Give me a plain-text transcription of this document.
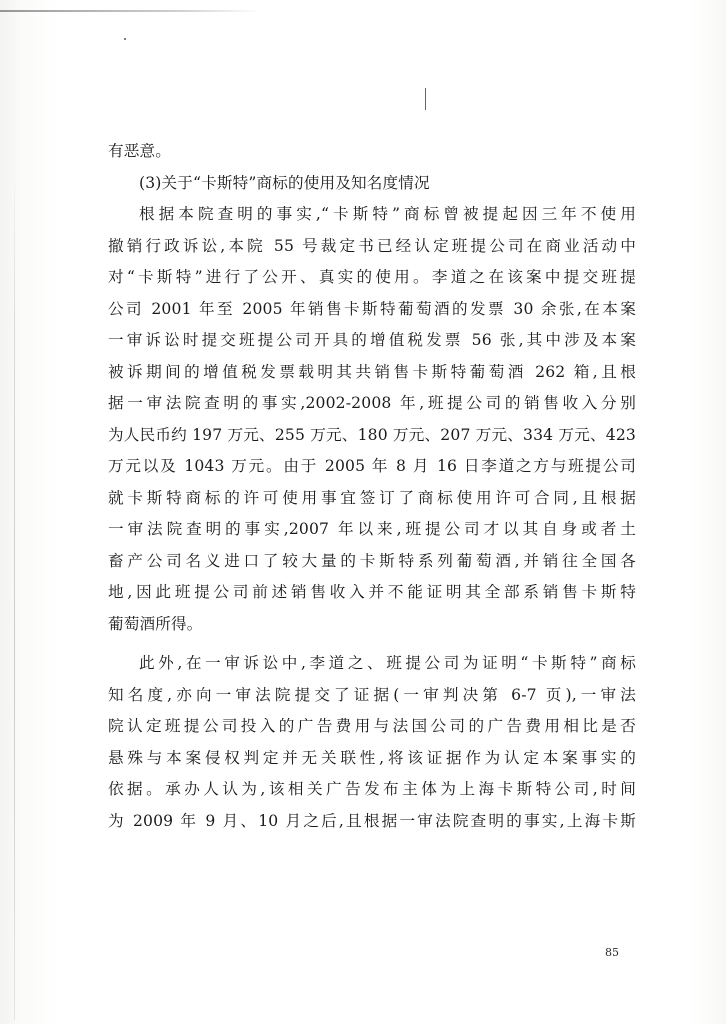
有恶意。
(3)关于“卡斯特”商标的使用及知名度情况
根据本院查明的事实,“卡斯特”商标曾被提起因三年不使用
撤销行政诉讼,本院 55 号裁定书已经认定班提公司在商业活动中
对“卡斯特”进行了公开、真实的使用。李道之在该案中提交班提
公司 2001 年至 2005 年销售卡斯特葡萄酒的发票 30 余张,在本案
一审诉讼时提交班提公司开具的增值税发票 56 张,其中涉及本案
被诉期间的增值税发票载明其共销售卡斯特葡萄酒 262 箱,且根
据一审法院查明的事实,2002-2008 年,班提公司的销售收入分别
为人民币约 197 万元、255 万元、180 万元、207 万元、334 万元、423
万元以及 1043 万元。由于 2005 年 8 月 16 日李道之方与班提公司
就卡斯特商标的许可使用事宜签订了商标使用许可合同,且根据
一审法院查明的事实,2007 年以来,班提公司才以其自身或者土
畜产公司名义进口了较大量的卡斯特系列葡萄酒,并销往全国各
地,因此班提公司前述销售收入并不能证明其全部系销售卡斯特
葡萄酒所得。
此外,在一审诉讼中,李道之、班提公司为证明“卡斯特”商标
知名度,亦向一审法院提交了证据(一审判决第 6-7 页),一审法
院认定班提公司投入的广告费用与法国公司的广告费用相比是否
悬殊与本案侵权判定并无关联性,将该证据作为认定本案事实的
依据。承办人认为,该相关广告发布主体为上海卡斯特公司,时间
为 2009 年 9 月、10 月之后,且根据一审法院查明的事实,上海卡斯
85
